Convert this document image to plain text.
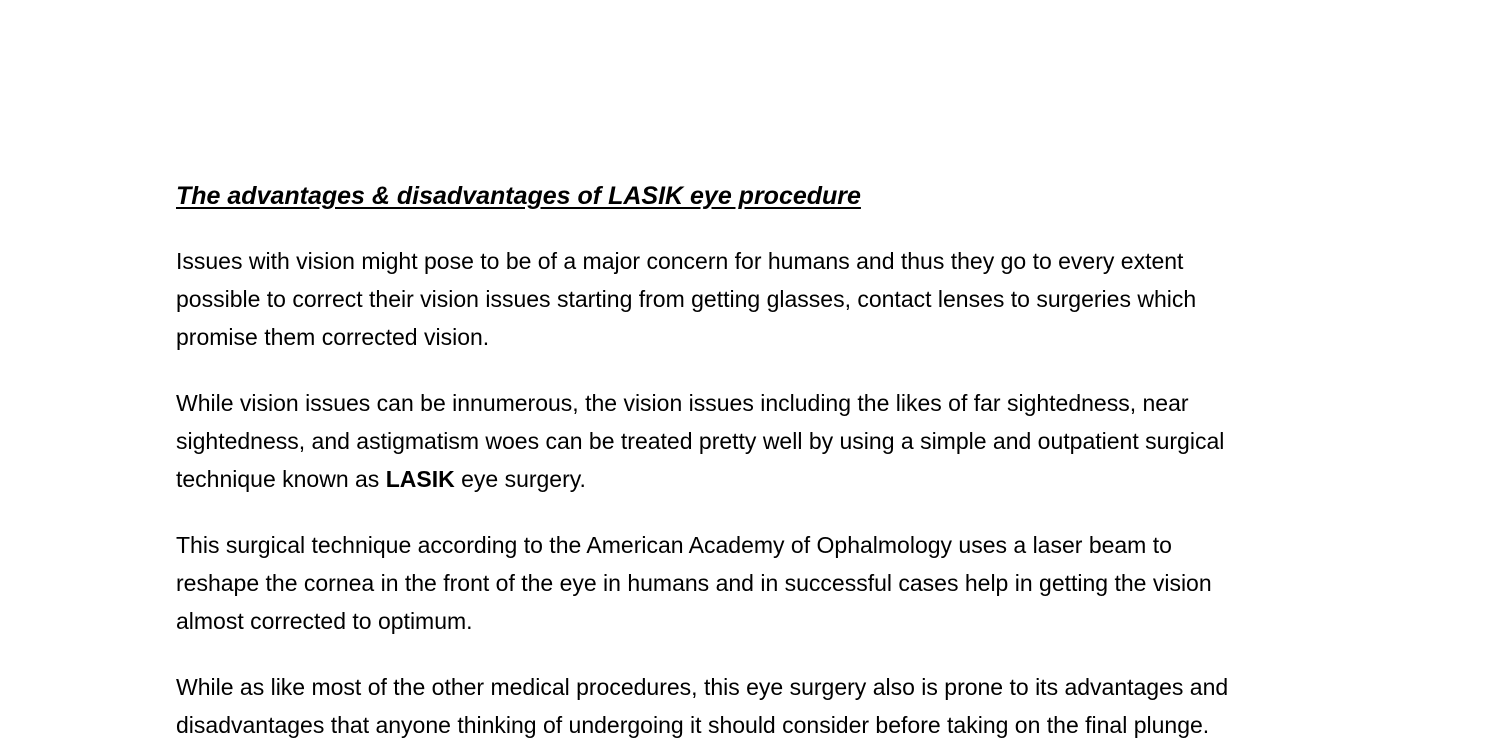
The advantages & disadvantages of LASIK eye procedure
Issues with vision might pose to be of a major concern for humans and thus they go to every extent
possible to correct their vision issues starting from getting glasses, contact lenses to surgeries which
promise them corrected vision.
While vision issues can be innumerous, the vision issues including the likes of far sightedness, near
sightedness, and astigmatism woes can be treated pretty well by using a simple and outpatient surgical
technique known as LASIK eye surgery.
This surgical technique according to the American Academy of Ophalmology uses a laser beam to
reshape the cornea in the front of the eye in humans and in successful cases help in getting the vision
almost corrected to optimum.
While as like most of the other medical procedures, this eye surgery also is prone to its advantages and
disadvantages that anyone thinking of undergoing it should consider before taking on the final plunge.
